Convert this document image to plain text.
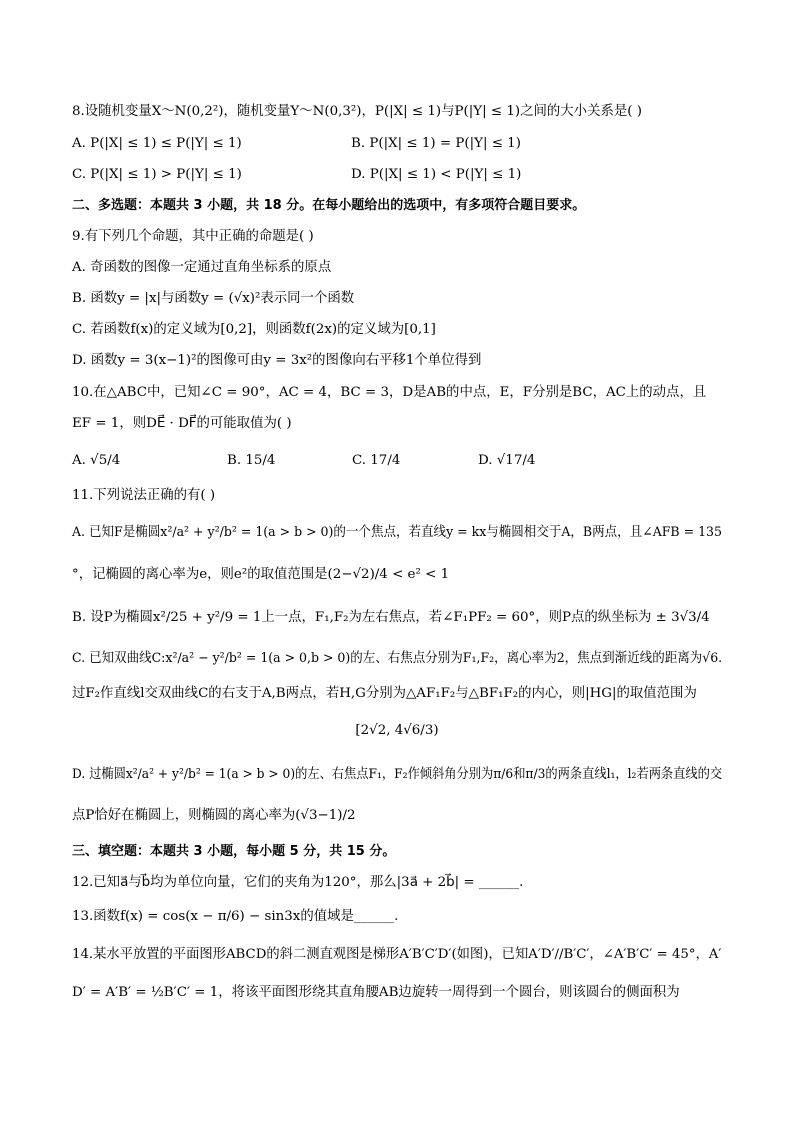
8.设随机变量X～N(0,2²)，随机变量Y～N(0,3²)，P(|X| ≤ 1)与P(|Y| ≤ 1)之间的大小关系是( )
A. P(|X| ≤ 1) ≤ P(|Y| ≤ 1)	B. P(|X| ≤ 1) = P(|Y| ≤ 1)
C. P(|X| ≤ 1) > P(|Y| ≤ 1)	D. P(|X| ≤ 1) < P(|Y| ≤ 1)
二、多选题：本题共 3 小题，共 18 分。在每小题给出的选项中，有多项符合题目要求。
9.有下列几个命题，其中正确的命题是( )
A. 奇函数的图像一定通过直角坐标系的原点
B. 函数y = |x|与函数y = (√x)²表示同一个函数
C. 若函数f(x)的定义域为[0,2]，则函数f(2x)的定义域为[0,1]
D. 函数y = 3(x−1)²的图像可由y = 3x²的图像向右平移1个单位得到
10.在△ABC中，已知∠C = 90°，AC = 4，BC = 3，D是AB的中点，E，F分别是BC，AC上的动点，且
EF = 1，则DE⃗ · DF⃗的可能取值为( )
A. √5/4	B. 15/4	C. 17/4	D. √17/4
11.下列说法正确的有( )
A. 已知F是椭圆x²/a² + y²/b² = 1(a > b > 0)的一个焦点，若直线y = kx与椭圆相交于A，B两点，且∠AFB = 135
°，记椭圆的离心率为e，则e²的取值范围是(2−√2)/4 < e² < 1
B. 设P为椭圆x²/25 + y²/9 = 1上一点，F₁,F₂为左右焦点，若∠F₁PF₂ = 60°，则P点的纵坐标为 ± 3√3/4
C. 已知双曲线C:x²/a² − y²/b² = 1(a > 0,b > 0)的左、右焦点分别为F₁,F₂，离心率为2，焦点到渐近线的距离为√6.
过F₂作直线l交双曲线C的右支于A,B两点，若H,G分别为△AF₁F₂与△BF₁F₂的内心，则|HG|的取值范围为
[2√2, 4√6/3)
D. 过椭圆x²/a² + y²/b² = 1(a > b > 0)的左、右焦点F₁，F₂作倾斜角分别为π/6和π/3的两条直线l₁，l₂若两条直线的交
点P恰好在椭圆上，则椭圆的离心率为(√3−1)/2
三、填空题：本题共 3 小题，每小题 5 分，共 15 分。
12.已知a⃗与b⃗均为单位向量，它们的夹角为120°，那么|3a⃗ + 2b⃗| = ______.
13.函数f(x) = cos(x − π/6) − sin3x的值域是______.
14.某水平放置的平面图形ABCD的斜二测直观图是梯形A′B′C′D′(如图)，已知A′D′//B′C′，∠A′B′C′ = 45°，A′
D′ = A′B′ = ½B′C′ = 1，将该平面图形绕其直角腰AB边旋转一周得到一个圆台，则该圆台的侧面积为
